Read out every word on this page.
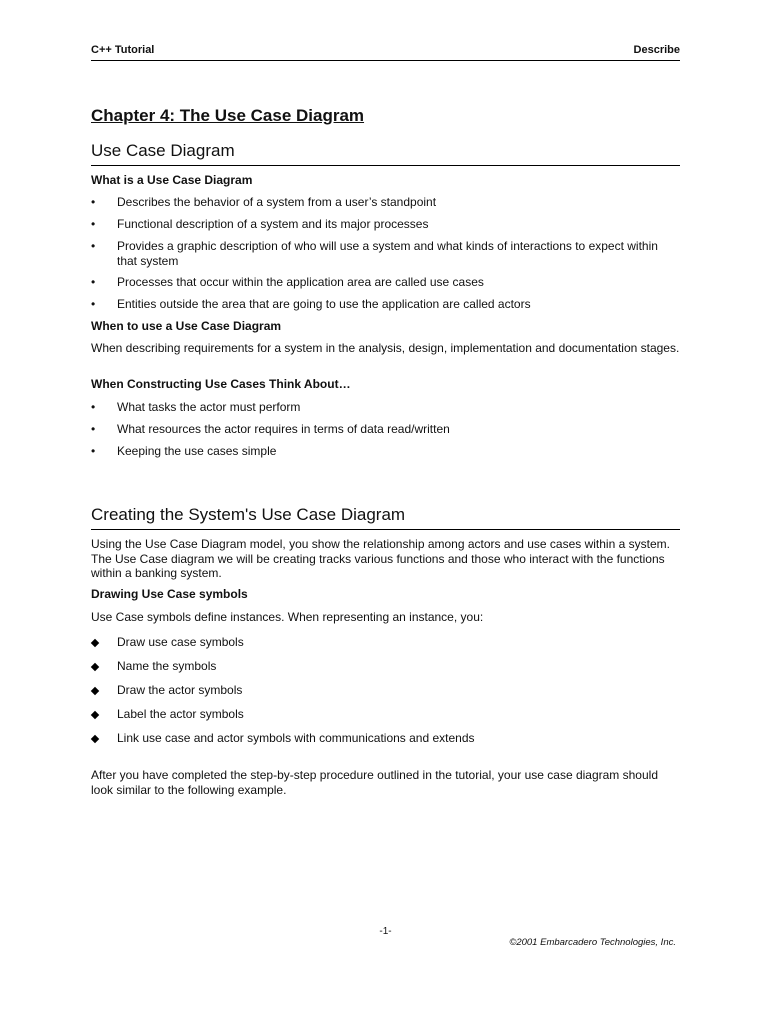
C++ Tutorial	Describe
Chapter 4: The Use Case Diagram
Use Case Diagram
What is a Use Case Diagram
•	Describes the behavior of a system from a user’s standpoint
•	Functional description of a system and its major processes
•	Provides a graphic description of who will use a system and what kinds of interactions to expect within that system
•	Processes that occur within the application area are called use cases
•	Entities outside the area that are going to use the application are called actors
When to use a Use Case Diagram
When describing requirements for a system in the analysis, design, implementation and documentation stages.
When Constructing Use Cases Think About…
•	What tasks the actor must perform
•	What resources the actor requires in terms of data read/written
•	Keeping the use cases simple
Creating the System's Use Case Diagram
Using the Use Case Diagram model, you show the relationship among actors and use cases within a system. The Use Case diagram we will be creating tracks various functions and those who interact with the functions within a banking system.
Drawing Use Case symbols
Use Case symbols define instances. When representing an instance, you:
Draw use case symbols
Name the symbols
Draw the actor symbols
Label the actor symbols
Link use case and actor symbols with communications and extends
After you have completed the step-by-step procedure outlined in the tutorial, your use case diagram should look similar to the following example.
-1-
©2001 Embarcadero Technologies, Inc.
